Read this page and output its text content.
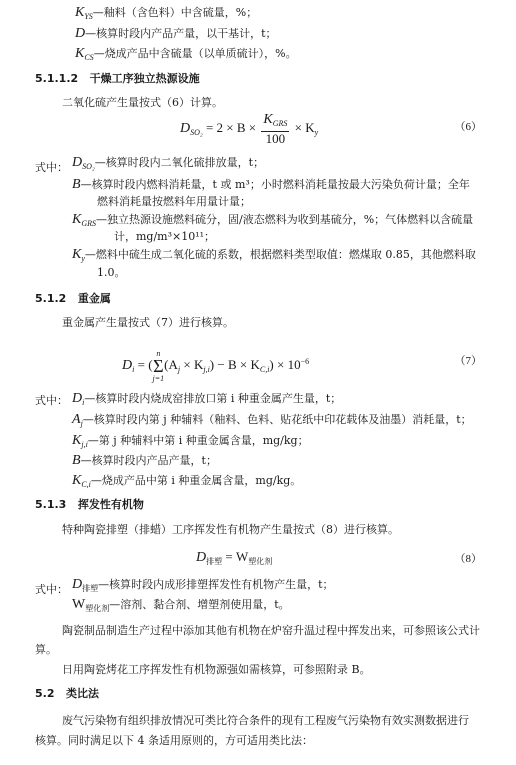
$K_{YS}—$釉料（含色料）中含硫量，%；
D—核算时段内产品产量，以干基计，t；
$K_{CS}—$烧成产品中含硫量（以单质硫计），%。
5.1.1.2 干燥工序独立热源设施
二氧化硫产生量按式（6）计算。
$D_{SO_2} = 2 \times B \times \frac{K_{GRS}}{100} \times K_y$	（6）
式中： $D_{SO_2}—$核算时段内二氧化硫排放量，t；
B—核算时段内燃料消耗量，t 或 m³；小时燃料消耗量按最大污染负荷计量；全年
燃料消耗量按燃料年用量计量；
$K_{GRS}—$独立热源设施燃料硫分，固/液态燃料为收到基硫分，%；气体燃料以含硫量
计，mg/m³×10¹¹；
$K_y—$燃料中硫生成二氧化硫的系数，根据燃料类型取值：燃煤取 0.85，其他燃料取
1.0。
5.1.2 重金属
重金属产生量按式（7）进行核算。
$D_i$ = (
n
Σ
j=1
$(A_j \times K_{j,i}) - B \times K_{C,i}) \times 10^{-6}$	（7）
式中： $D_i—$核算时段内烧成窑排放口第 i 种重金属产生量，t；
$A_j—$核算时段内第 j 种辅料（釉料、色料、贴花纸中印花载体及油墨）消耗量，t；
$K_{j,i}—$第 j 种辅料中第 i 种重金属含量，mg/kg；
B—核算时段内产品产量，t；
$K_{C,i}—$烧成产品中第 i 种重金属含量，mg/kg。
5.1.3 挥发性有机物
特种陶瓷排塑（排蜡）工序挥发性有机物产生量按式（8）进行核算。
$D_{排塑} = W_{塑化剂}$	（8）
式中： $D_{排塑}—$核算时段内成形排塑挥发性有机物产生量，t；
$W_{塑化剂}—$溶剂、黏合剂、增塑剂使用量，t。
陶瓷制品制造生产过程中添加其他有机物在炉窑升温过程中挥发出来，可参照该公式计
算。
日用陶瓷烤花工序挥发性有机物源强如需核算，可参照附录 B。
5.2 类比法
废气污染物有组织排放情况可类比符合条件的现有工程废气污染物有效实测数据进行
核算。同时满足以下 4 条适用原则的，方可适用类比法：
